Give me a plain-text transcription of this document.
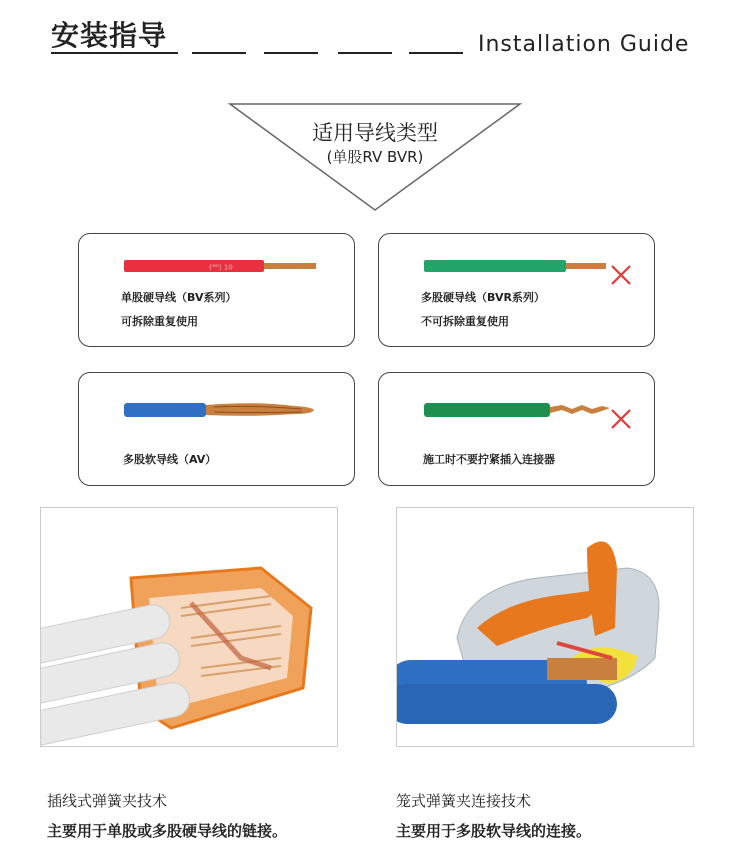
安装指导	Installation Guide
适用导线类型
(单股RV BVR)
(ᵂᴱ) 10
单股硬导线（BV系列）
可拆除重复使用
多股硬导线（BVR系列）
不可拆除重复使用
多股软导线（AV）	施工时不要拧紧插入连接器
插线式弹簧夹技术
主要用于单股或多股硬导线的链接。
笼式弹簧夹连接技术
主要用于多股软导线的连接。
